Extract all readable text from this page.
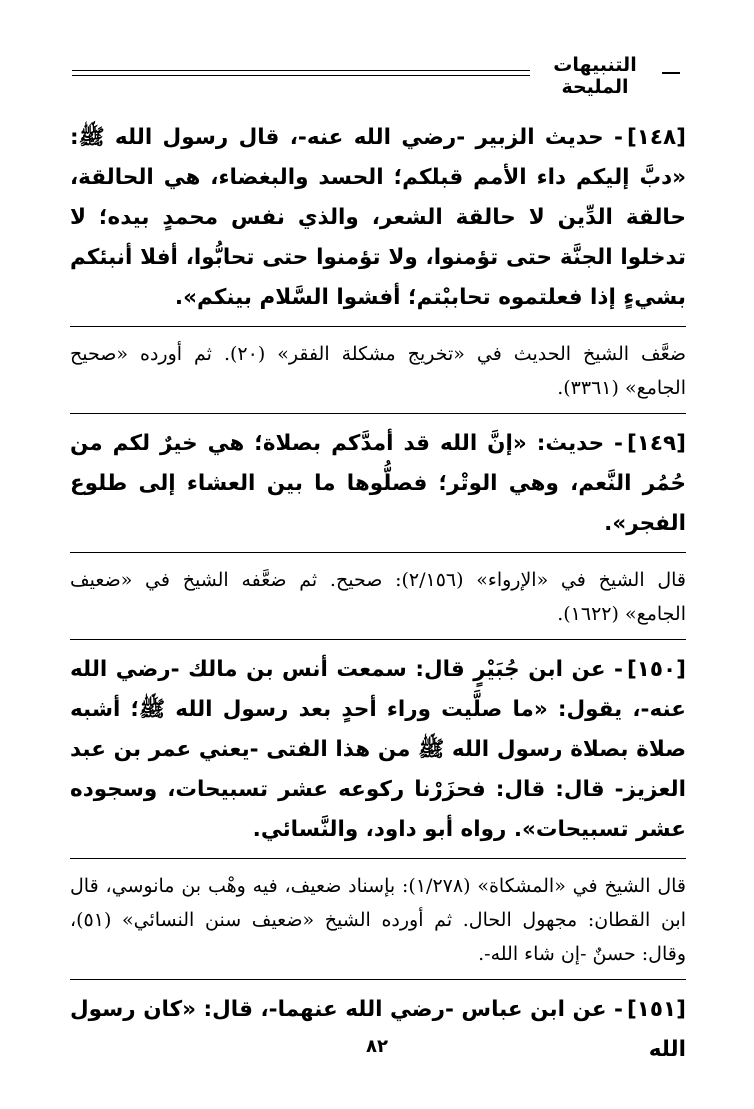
التنبيهات المليحة

[١٤٨]- حديث الزبير -رضي الله عنه-، قال رسول الله ﷺ: «دبَّ إليكم داء الأمم قبلكم؛ الحسد والبغضاء، هي الحالقة، حالقة الدِّين لا حالقة الشعر، والذي نفس محمدٍ بيده؛ لا تدخلوا الجنَّة حتى تؤمنوا، ولا تؤمنوا حتى تحابُّوا، أفلا أنبئكم بشيءٍ إذا فعلتموه تحاببْتم؛ أفشوا السَّلام بينكم».

ضعَّف الشيخ الحديث في «تخريج مشكلة الفقر» (٢٠). ثم أورده «صحيح الجامع» (٣٣٦١).

[١٤٩]- حديث: «إنَّ الله قد أمدَّكم بصلاة؛ هي خيرٌ لكم من حُمُر النَّعم، وهي الوتْر؛ فصلُّوها ما بين العشاء إلى طلوع الفجر».

قال الشيخ في «الإرواء» (٢/١٥٦): صحيح. ثم ضعَّفه الشيخ في «ضعيف الجامع» (١٦٢٢).

[١٥٠]- عن ابن جُبَيْرٍ قال: سمعت أنس بن مالك -رضي الله عنه-، يقول: «ما صلَّيت وراء أحدٍ بعد رسول الله ﷺ؛ أشبه صلاة بصلاة رسول الله ﷺ من هذا الفتى -يعني عمر بن عبد العزيز- قال: قال: فحزَرْنا ركوعه عشر تسبيحات، وسجوده عشر تسبيحات». رواه أبو داود، والنَّسائي.

قال الشيخ في «المشكاة» (١/٢٧٨): بإسناد ضعيف، فيه وهْب بن مانوسي، قال ابن القطان: مجهول الحال. ثم أورده الشيخ «ضعيف سنن النسائي» (٥١)، وقال: حسنٌ -إن شاء الله-.

[١٥١]- عن ابن عباس -رضي الله عنهما-، قال: «كان رسول الله

٨٢
